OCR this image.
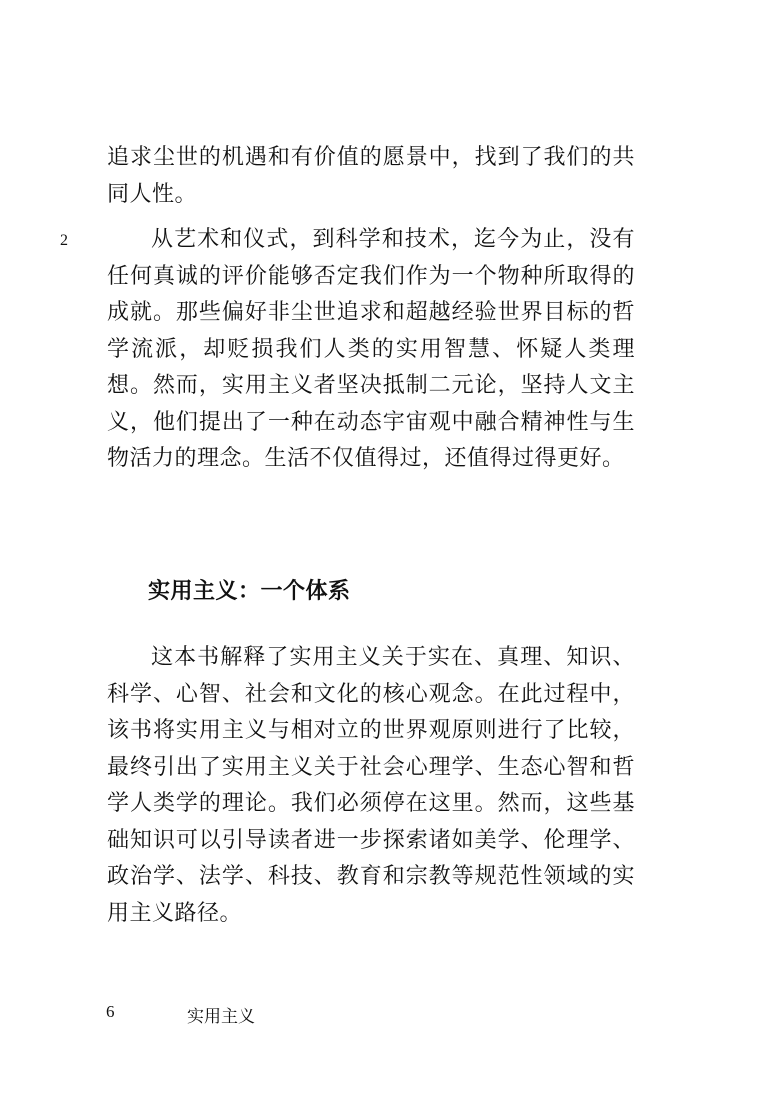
追求尘世的机遇和有价值的愿景中，找到了我们的共同人性。

2	从艺术和仪式，到科学和技术，迄今为止，没有任何真诚的评价能够否定我们作为一个物种所取得的成就。那些偏好非尘世追求和超越经验世界目标的哲学流派，却贬损我们人类的实用智慧、怀疑人类理想。然而，实用主义者坚决抵制二元论，坚持人文主义，他们提出了一种在动态宇宙观中融合精神性与生物活力的理念。生活不仅值得过，还值得过得更好。

实用主义：一个体系

这本书解释了实用主义关于实在、真理、知识、科学、心智、社会和文化的核心观念。在此过程中，该书将实用主义与相对立的世界观原则进行了比较，最终引出了实用主义关于社会心理学、生态心智和哲学人类学的理论。我们必须停在这里。然而，这些基础知识可以引导读者进一步探索诸如美学、伦理学、政治学、法学、科技、教育和宗教等规范性领域的实用主义路径。

6	实用主义
